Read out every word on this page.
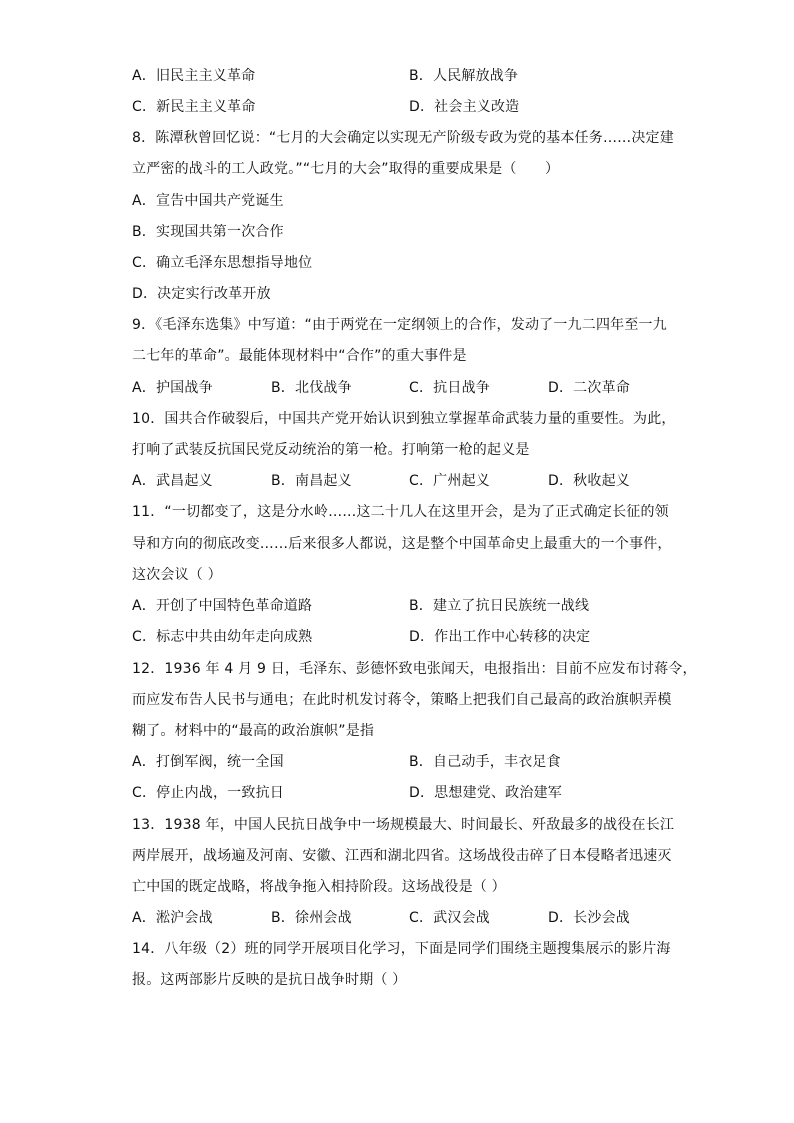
A．旧民主主义革命	B．人民解放战争
C．新民主主义革命	D．社会主义改造
8．陈潭秋曾回忆说：“七月的大会确定以实现无产阶级专政为党的基本任务……决定建
立严密的战斗的工人政党。”“七月的大会”取得的重要成果是（　　）
A．宣告中国共产党诞生
B．实现国共第一次合作
C．确立毛泽东思想指导地位
D．决定实行改革开放
9．《毛泽东选集》中写道：“由于两党在一定纲领上的合作，发动了一九二四年至一九
二七年的革命”。最能体现材料中“合作”的重大事件是
A．护国战争	B．北伐战争	C．抗日战争	D．二次革命
10．国共合作破裂后，中国共产党开始认识到独立掌握革命武装力量的重要性。为此，
打响了武装反抗国民党反动统治的第一枪。打响第一枪的起义是
A．武昌起义	B．南昌起义	C．广州起义	D．秋收起义
11．“一切都变了，这是分水岭……这二十几人在这里开会，是为了正式确定长征的领
导和方向的彻底改变……后来很多人都说，这是整个中国革命史上最重大的一个事件，
这次会议（ ）
A．开创了中国特色革命道路	B．建立了抗日民族统一战线
C．标志中共由幼年走向成熟	D．作出工作中心转移的决定
12．1936 年 4 月 9 日，毛泽东、彭德怀致电张闻天，电报指出：目前不应发布讨蒋令，
而应发布告人民书与通电；在此时机发讨蒋令，策略上把我们自己最高的政治旗帜弄模
糊了。材料中的“最高的政治旗帜”是指
A．打倒军阀，统一全国	B．自己动手，丰衣足食
C．停止内战，一致抗日	D．思想建党、政治建军
13．1938 年，中国人民抗日战争中一场规模最大、时间最长、歼敌最多的战役在长江
两岸展开，战场遍及河南、安徽、江西和湖北四省。这场战役击碎了日本侵略者迅速灭
亡中国的既定战略，将战争拖入相持阶段。这场战役是（ ）
A．淞沪会战	B．徐州会战	C．武汉会战	D．长沙会战
14．八年级（2）班的同学开展项目化学习，下面是同学们围绕主题搜集展示的影片海
报。这两部影片反映的是抗日战争时期（ ）
